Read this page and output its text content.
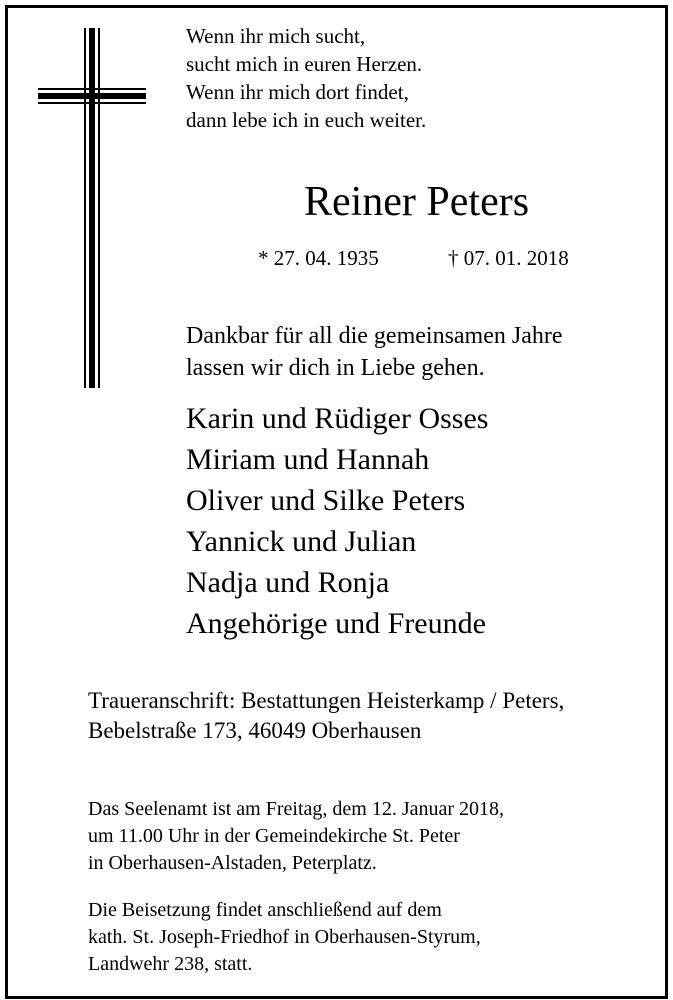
Wenn ihr mich sucht,
sucht mich in euren Herzen.
Wenn ihr mich dort findet,
dann lebe ich in euch weiter.
Reiner Peters
* 27. 04. 1935	† 07. 01. 2018
Dankbar für all die gemeinsamen Jahre
lassen wir dich in Liebe gehen.
Karin und Rüdiger Osses
Miriam und Hannah
Oliver und Silke Peters
Yannick und Julian
Nadja und Ronja
Angehörige und Freunde
Traueranschrift: Bestattungen Heisterkamp / Peters,
Bebelstraße 173, 46049 Oberhausen
Das Seelenamt ist am Freitag, dem 12. Januar 2018,
um 11.00 Uhr in der Gemeindekirche St. Peter
in Oberhausen-Alstaden, Peterplatz.
Die Beisetzung findet anschließend auf dem
kath. St. Joseph-Friedhof in Oberhausen-Styrum,
Landwehr 238, statt.
